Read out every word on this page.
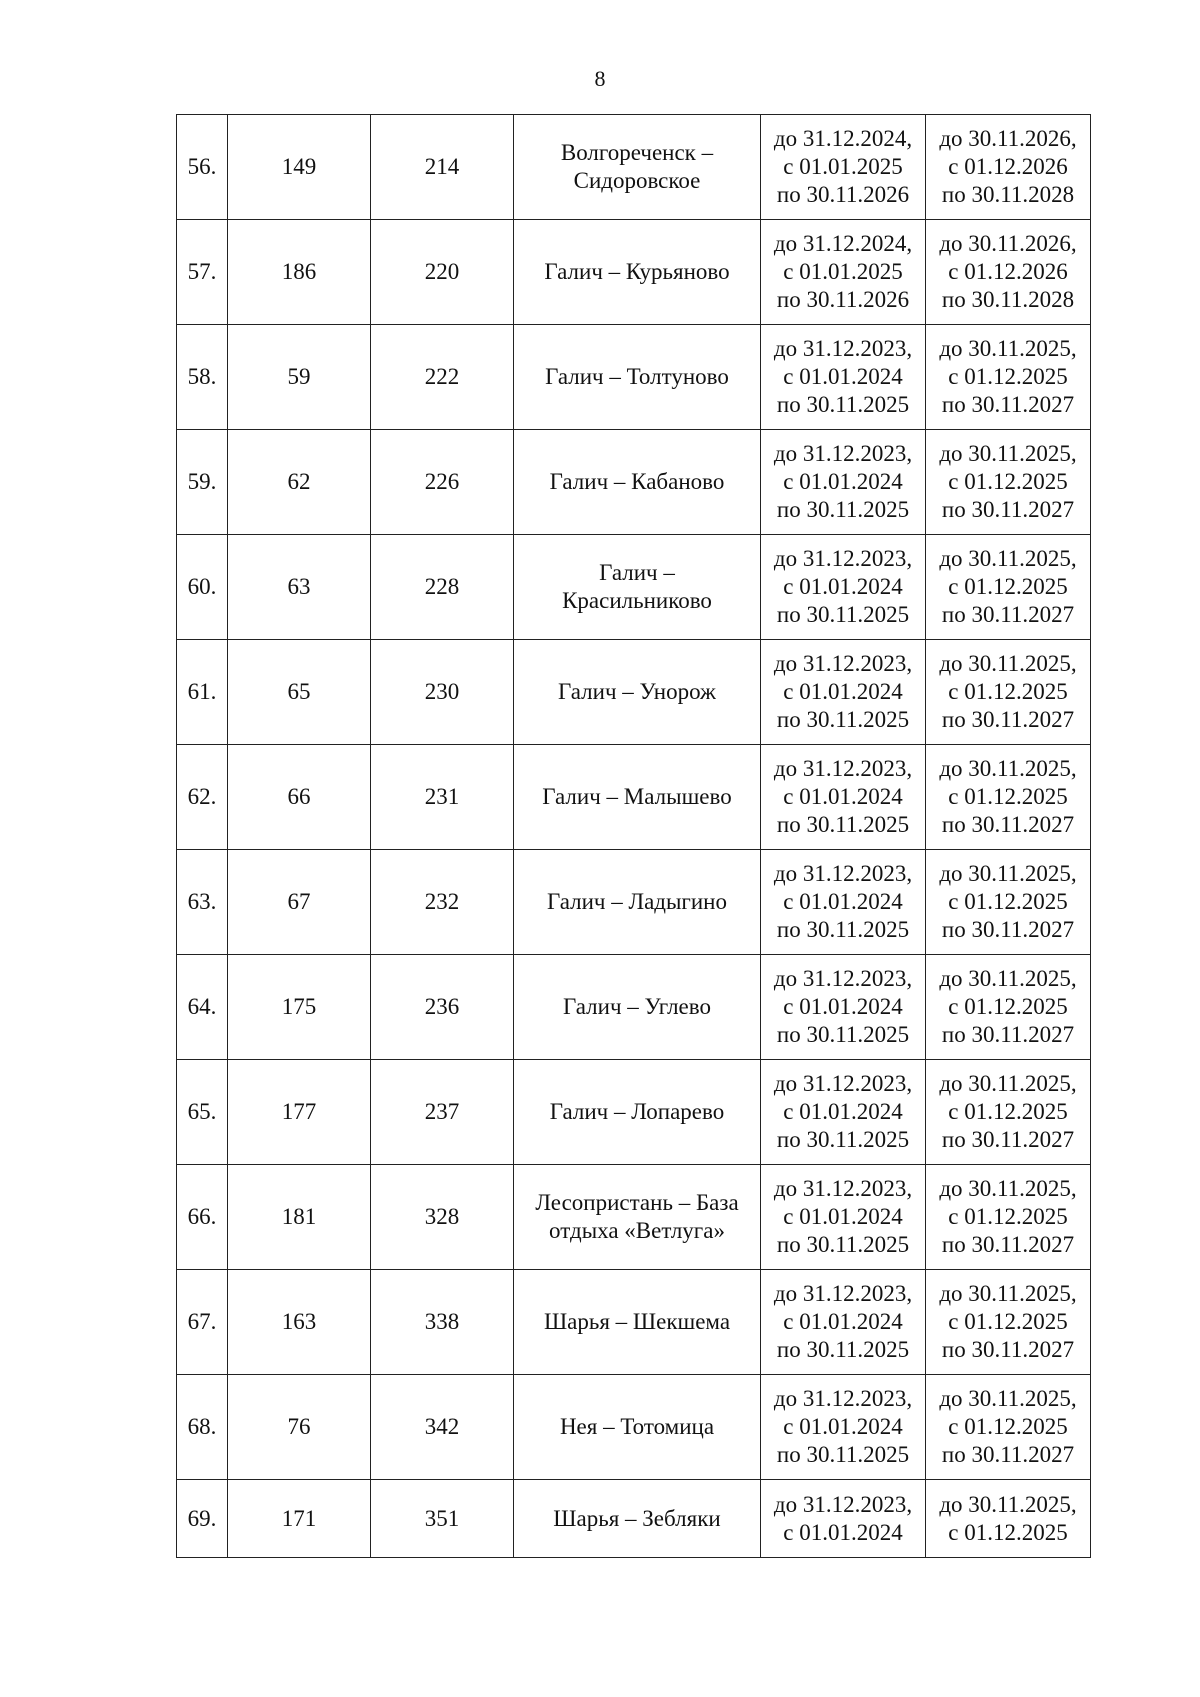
8
56.	149	214	Волгореченск –
Сидоровское	до 31.12.2024,
с 01.01.2025
по 30.11.2026	до 30.11.2026,
с 01.12.2026
по 30.11.2028

57.	186	220	Галич – Курьяново	до 31.12.2024,
с 01.01.2025
по 30.11.2026	до 30.11.2026,
с 01.12.2026
по 30.11.2028

58.	59	222	Галич – Толтуново	до 31.12.2023,
с 01.01.2024
по 30.11.2025	до 30.11.2025,
с 01.12.2025
по 30.11.2027

59.	62	226	Галич – Кабаново	до 31.12.2023,
с 01.01.2024
по 30.11.2025	до 30.11.2025,
с 01.12.2025
по 30.11.2027

60.	63	228	Галич –
Красильниково	до 31.12.2023,
с 01.01.2024
по 30.11.2025	до 30.11.2025,
с 01.12.2025
по 30.11.2027

61.	65	230	Галич – Унорож	до 31.12.2023,
с 01.01.2024
по 30.11.2025	до 30.11.2025,
с 01.12.2025
по 30.11.2027

62.	66	231	Галич – Малышево	до 31.12.2023,
с 01.01.2024
по 30.11.2025	до 30.11.2025,
с 01.12.2025
по 30.11.2027

63.	67	232	Галич – Ладыгино	до 31.12.2023,
с 01.01.2024
по 30.11.2025	до 30.11.2025,
с 01.12.2025
по 30.11.2027

64.	175	236	Галич – Углево	до 31.12.2023,
с 01.01.2024
по 30.11.2025	до 30.11.2025,
с 01.12.2025
по 30.11.2027

65.	177	237	Галич – Лопарево	до 31.12.2023,
с 01.01.2024
по 30.11.2025	до 30.11.2025,
с 01.12.2025
по 30.11.2027

66.	181	328	Лесопристань – База
отдыха «Ветлуга»	до 31.12.2023,
с 01.01.2024
по 30.11.2025	до 30.11.2025,
с 01.12.2025
по 30.11.2027

67.	163	338	Шарья – Шекшема	до 31.12.2023,
с 01.01.2024
по 30.11.2025	до 30.11.2025,
с 01.12.2025
по 30.11.2027

68.	76	342	Нея – Тотомица	до 31.12.2023,
с 01.01.2024
по 30.11.2025	до 30.11.2025,
с 01.12.2025
по 30.11.2027

69.	171	351	Шарья – Зебляки	до 31.12.2023,
с 01.01.2024	до 30.11.2025,
с 01.12.2025
